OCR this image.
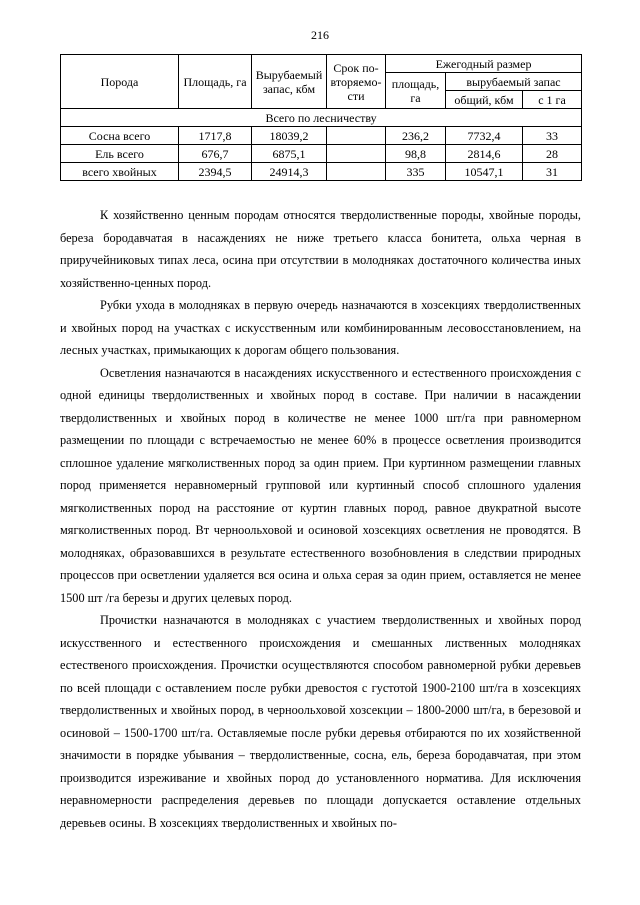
216
Порода	Площадь, га	Вырубаемый запас, кбм	Срок по-вторяемо-сти	Ежегодный размер		
				площадь, га	вырубаемый запас	
					общий, кбм	с 1 га
Всего по лесничеству						
Сосна всего	1717,8	18039,2		236,2	7732,4	33
Ель всего	676,7	6875,1		98,8	2814,6	28
всего хвойных	2394,5	24914,3		335	10547,1	31

К хозяйственно ценным породам относятся твердолиственные породы, хвойные породы, береза бородавчатая в насаждениях не ниже третьего класса бонитета, ольха черная в приручейниковых типах леса, осина при отсутствии в молодняках достаточного количества иных хозяйственно-ценных пород.

Рубки ухода в молодняках в первую очередь назначаются в хозсекциях твердолиственных и хвойных пород на участках с искусственным или комбинированным лесовосстановлением, на лесных участках, примыкающих к дорогам общего пользования.

Осветления назначаются в насаждениях искусственного и естественного происхождения с одной единицы твердолиственных и хвойных пород в составе. При наличии в насаждении твердолиственных и хвойных пород в количестве не менее 1000 шт/га при равномерном размещении по площади с встречаемостью не менее 60% в процессе осветления производится сплошное удаление мягколиственных пород за один прием. При куртинном размещении главных пород применяется неравномерный групповой или куртинный способ сплошного удаления мягколиственных пород на расстояние от куртин главных пород, равное двукратной высоте мягколиственных пород. Вт черноольховой и осиновой хозсекциях осветления не проводятся. В молодняках, образовавшихся в результате естественного возобновления в следствии природных процессов при осветлении удаляется вся осина и ольха серая за один прием, оставляется не менее 1500 шт /га березы и других целевых пород.

Прочистки назначаются в молодняках с участием твердолиственных и хвойных пород искусственного и естественного происхождения и смешанных лиственных молодняках естественого происхождения. Прочистки осуществляются способом равномерной рубки деревьев по всей площади с оставлением после рубки древостоя с густотой 1900-2100 шт/га в хозсекциях твердолиственных и хвойных пород, в черноольховой хозсекции – 1800-2000 шт/га, в березовой и осиновой – 1500-1700 шт/га. Оставляемые после рубки деревья отбираются по их хозяйственной значимости в порядке убывания – твердолиственные, сосна, ель, береза бородавчатая, при этом производится изреживание и хвойных пород до установленного норматива. Для исключения неравномерности распределения деревьев по площади допускается оставление отдельных деревьев осины. В хозсекциях твердолиственных и хвойных по-
